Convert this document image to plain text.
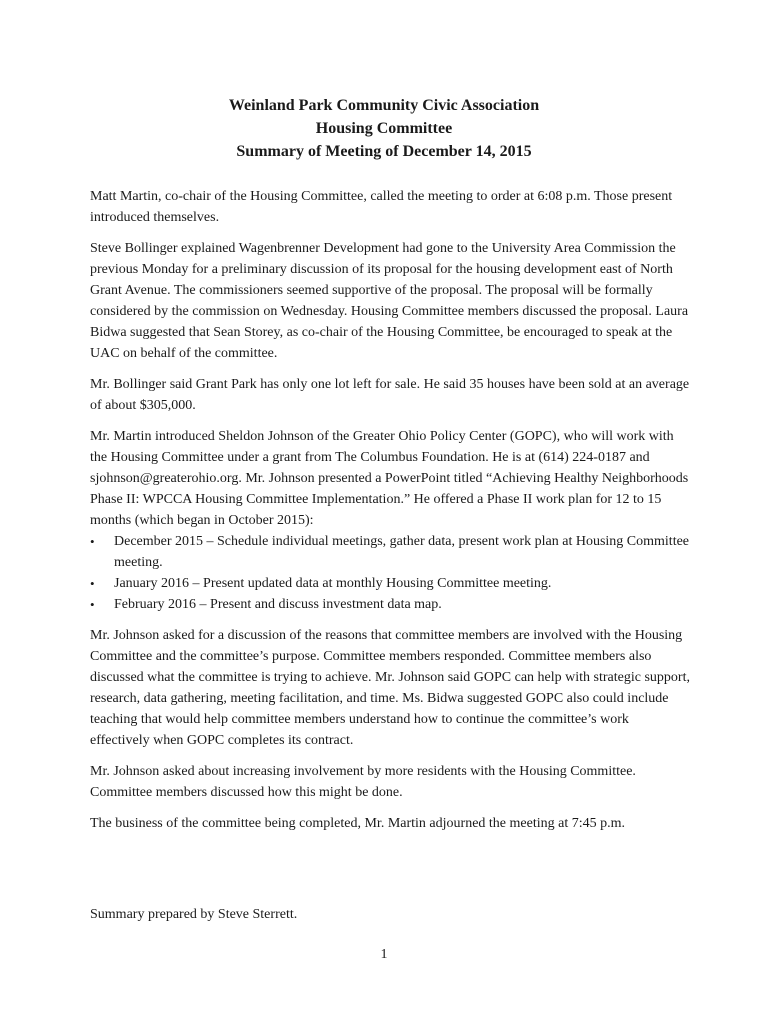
Weinland Park Community Civic Association
Housing Committee
Summary of Meeting of December 14, 2015

Matt Martin, co-chair of the Housing Committee, called the meeting to order at 6:08 p.m. Those present introduced themselves.

Steve Bollinger explained Wagenbrenner Development had gone to the University Area Commission the previous Monday for a preliminary discussion of its proposal for the housing development east of North Grant Avenue. The commissioners seemed supportive of the proposal. The proposal will be formally considered by the commission on Wednesday. Housing Committee members discussed the proposal. Laura Bidwa suggested that Sean Storey, as co-chair of the Housing Committee, be encouraged to speak at the UAC on behalf of the committee.

Mr. Bollinger said Grant Park has only one lot left for sale. He said 35 houses have been sold at an average of about $305,000.

Mr. Martin introduced Sheldon Johnson of the Greater Ohio Policy Center (GOPC), who will work with the Housing Committee under a grant from The Columbus Foundation. He is at (614) 224-0187 and sjohnson@greaterohio.org. Mr. Johnson presented a PowerPoint titled “Achieving Healthy Neighborhoods Phase II: WPCCA Housing Committee Implementation.” He offered a Phase II work plan for 12 to 15 months (which began in October 2015):

•
December 2015 – Schedule individual meetings, gather data, present work plan at Housing Committee meeting.
•
January 2016 – Present updated data at monthly Housing Committee meeting.
•
February 2016 – Present and discuss investment data map.

Mr. Johnson asked for a discussion of the reasons that committee members are involved with the Housing Committee and the committee’s purpose. Committee members responded. Committee members also discussed what the committee is trying to achieve. Mr. Johnson said GOPC can help with strategic support, research, data gathering, meeting facilitation, and time. Ms. Bidwa suggested GOPC also could include teaching that would help committee members understand how to continue the committee’s work effectively when GOPC completes its contract.

Mr. Johnson asked about increasing involvement by more residents with the Housing Committee. Committee members discussed how this might be done.

The business of the committee being completed, Mr. Martin adjourned the meeting at 7:45 p.m.

Summary prepared by Steve Sterrett.
1
